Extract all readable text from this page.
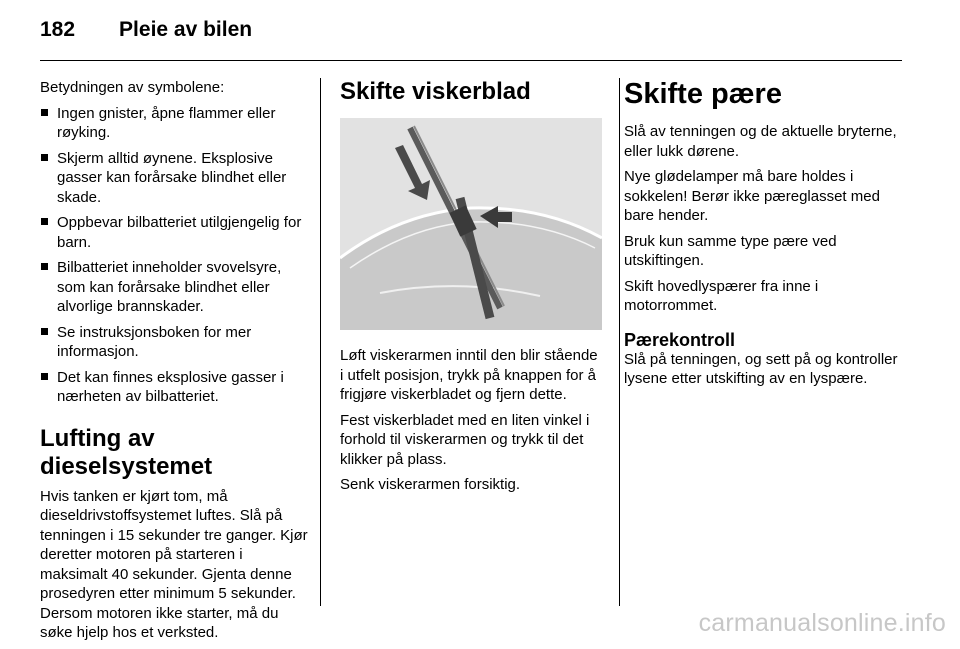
182 Pleie av bilen

Betydningen av symbolene:

Ingen gnister, åpne flammer eller røyking.
Skjerm alltid øynene. Eksplosive gasser kan forårsake blindhet eller skade.
Oppbevar bilbatteriet utilgjengelig for barn.
Bilbatteriet inneholder svovelsyre, som kan forårsake blindhet eller alvorlige brannskader.
Se instruksjonsboken for mer informasjon.
Det kan finnes eksplosive gasser i nærheten av bilbatteriet.
Lufting av dieselsystemet

Hvis tanken er kjørt tom, må dieseldrivstoffsystemet luftes. Slå på tenningen i 15 sekunder tre ganger. Kjør deretter motoren på starteren i maksimalt 40 sekunder. Gjenta denne prosedyren etter minimum 5 sekunder. Dersom motoren ikke starter, må du søke hjelp hos et verksted.

Skifte viskerblad

Løft viskerarmen inntil den blir stående i utfelt posisjon, trykk på knappen for å frigjøre viskerbladet og fjern dette.

Fest viskerbladet med en liten vinkel i forhold til viskerarmen og trykk til det klikker på plass.

Senk viskerarmen forsiktig.

Skifte pære

Slå av tenningen og de aktuelle bryterne, eller lukk dørene.

Nye glødelamper må bare holdes i sokkelen! Berør ikke pæreglasset med bare hender.

Bruk kun samme type pære ved utskiftingen.

Skift hovedlyspærer fra inne i motorrommet.

Pærekontroll

Slå på tenningen, og sett på og kontroller lysene etter utskifting av en lyspære.

carmanualsonline.info
